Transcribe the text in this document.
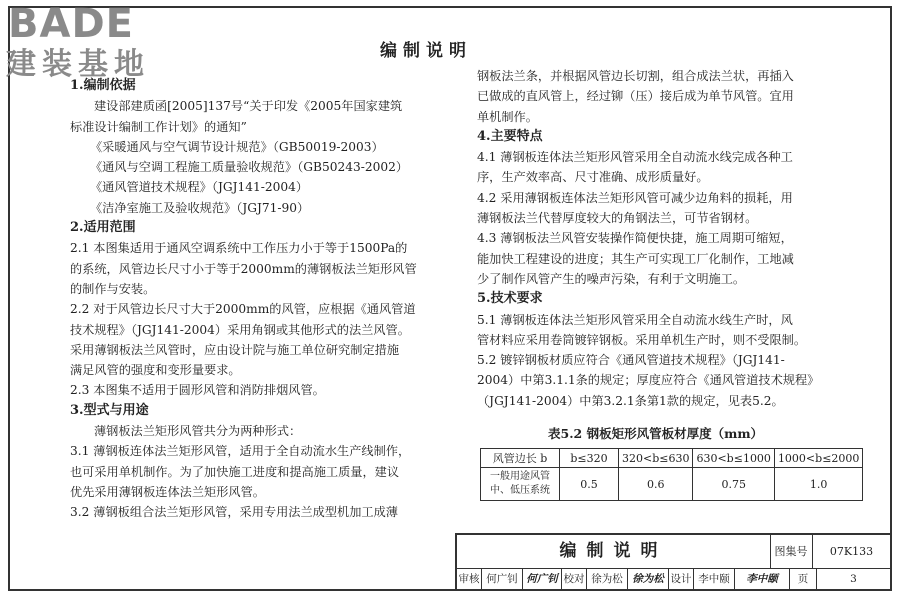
BADE
建装基地	编制说明

1.编制依据

建设部建质函[2005]137号“关于印发《2005年国家建筑

标准设计编制工作计划》的通知”

《采暖通风与空气调节设计规范》（GB50019-2003）

《通风与空调工程施工质量验收规范》（GB50243-2002）

《通风管道技术规程》（JGJ141-2004）

《洁净室施工及验收规范》（JGJ71-90）

2.适用范围

2.1 本图集适用于通风空调系统中工作压力小于等于1500Pa的

的系统，风管边长尺寸小于等于2000mm的薄钢板法兰矩形风管

的制作与安装。

2.2 对于风管边长尺寸大于2000mm的风管，应根据《通风管道

技术规程》（JGJ141-2004）采用角钢或其他形式的法兰风管。

采用薄钢板法兰风管时，应由设计院与施工单位研究制定措施

满足风管的强度和变形量要求。

2.3 本图集不适用于圆形风管和消防排烟风管。

3.型式与用途

薄钢板法兰矩形风管共分为两种形式：

3.1 薄钢板连体法兰矩形风管，适用于全自动流水生产线制作，

也可采用单机制作。为了加快施工进度和提高施工质量，建议

优先采用薄钢板连体法兰矩形风管。

3.2 薄钢板组合法兰矩形风管，采用专用法兰成型机加工成薄

钢板法兰条，并根据风管边长切割，组合成法兰状，再插入

已做成的直风管上，经过铆（压）接后成为单节风管。宜用

单机制作。

4.主要特点

4.1 薄钢板连体法兰矩形风管采用全自动流水线完成各种工

序，生产效率高、尺寸准确、成形质量好。

4.2 采用薄钢板连体法兰矩形风管可减少边角料的损耗，用

薄钢板法兰代替厚度较大的角钢法兰，可节省钢材。

4.3 薄钢板法兰风管安装操作简便快捷，施工周期可缩短，

能加快工程建设的进度；其生产可实现工厂化制作，工地减

少了制作风管产生的噪声污染，有利于文明施工。

5.技术要求

5.1 薄钢板连体法兰矩形风管采用全自动流水线生产时，风

管材料应采用卷筒镀锌钢板。采用单机生产时，则不受限制。

5.2 镀锌钢板材质应符合《通风管道技术规程》（JGJ141-

2004）中第3.1.1条的规定；厚度应符合《通风管道技术规程》

（JGJ141-2004）中第3.2.1条第1款的规定，见表5.2。

表5.2 钢板矩形风管板材厚度（mm）
风管边长 b	b≤320	320<b≤630	630<b≤1000	1000<b≤2000
一般用途风管
中、低压系统	0.5	0.6	0.75	1.0
编制说明	图集号	07K133
审核 何广钊 何广钊 校对 徐为松 徐为松 设计 李中颐	李中颐	页	3
